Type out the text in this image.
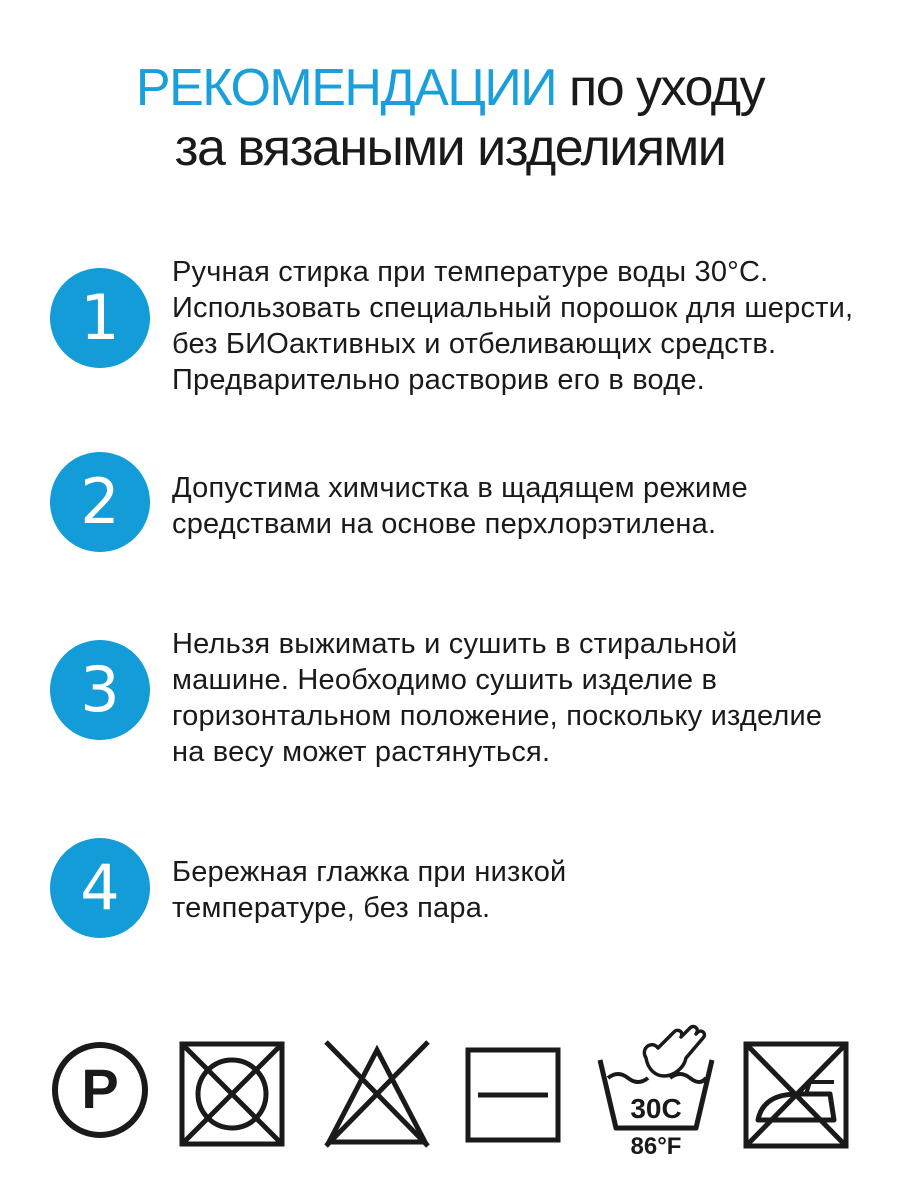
РЕКОМЕНДАЦИИ по уходу
за вязаными изделиями
1
Ручная стирка при температуре воды 30°С.
Использовать специальный порошок для шерсти, без БИОактивных и отбеливающих средств. Предварительно растворив его в воде.
2	Допустима химчистка в щадящем режиме средствами на основе перхлорэтилена.
3
Нельзя выжимать и сушить в стиральной машине. Необходимо сушить изделие в горизонтальном положение, поскольку изделие на весу может растянуться.
4	Бережная глажка при низкой температуре, без пара.
P	30C
86°F
